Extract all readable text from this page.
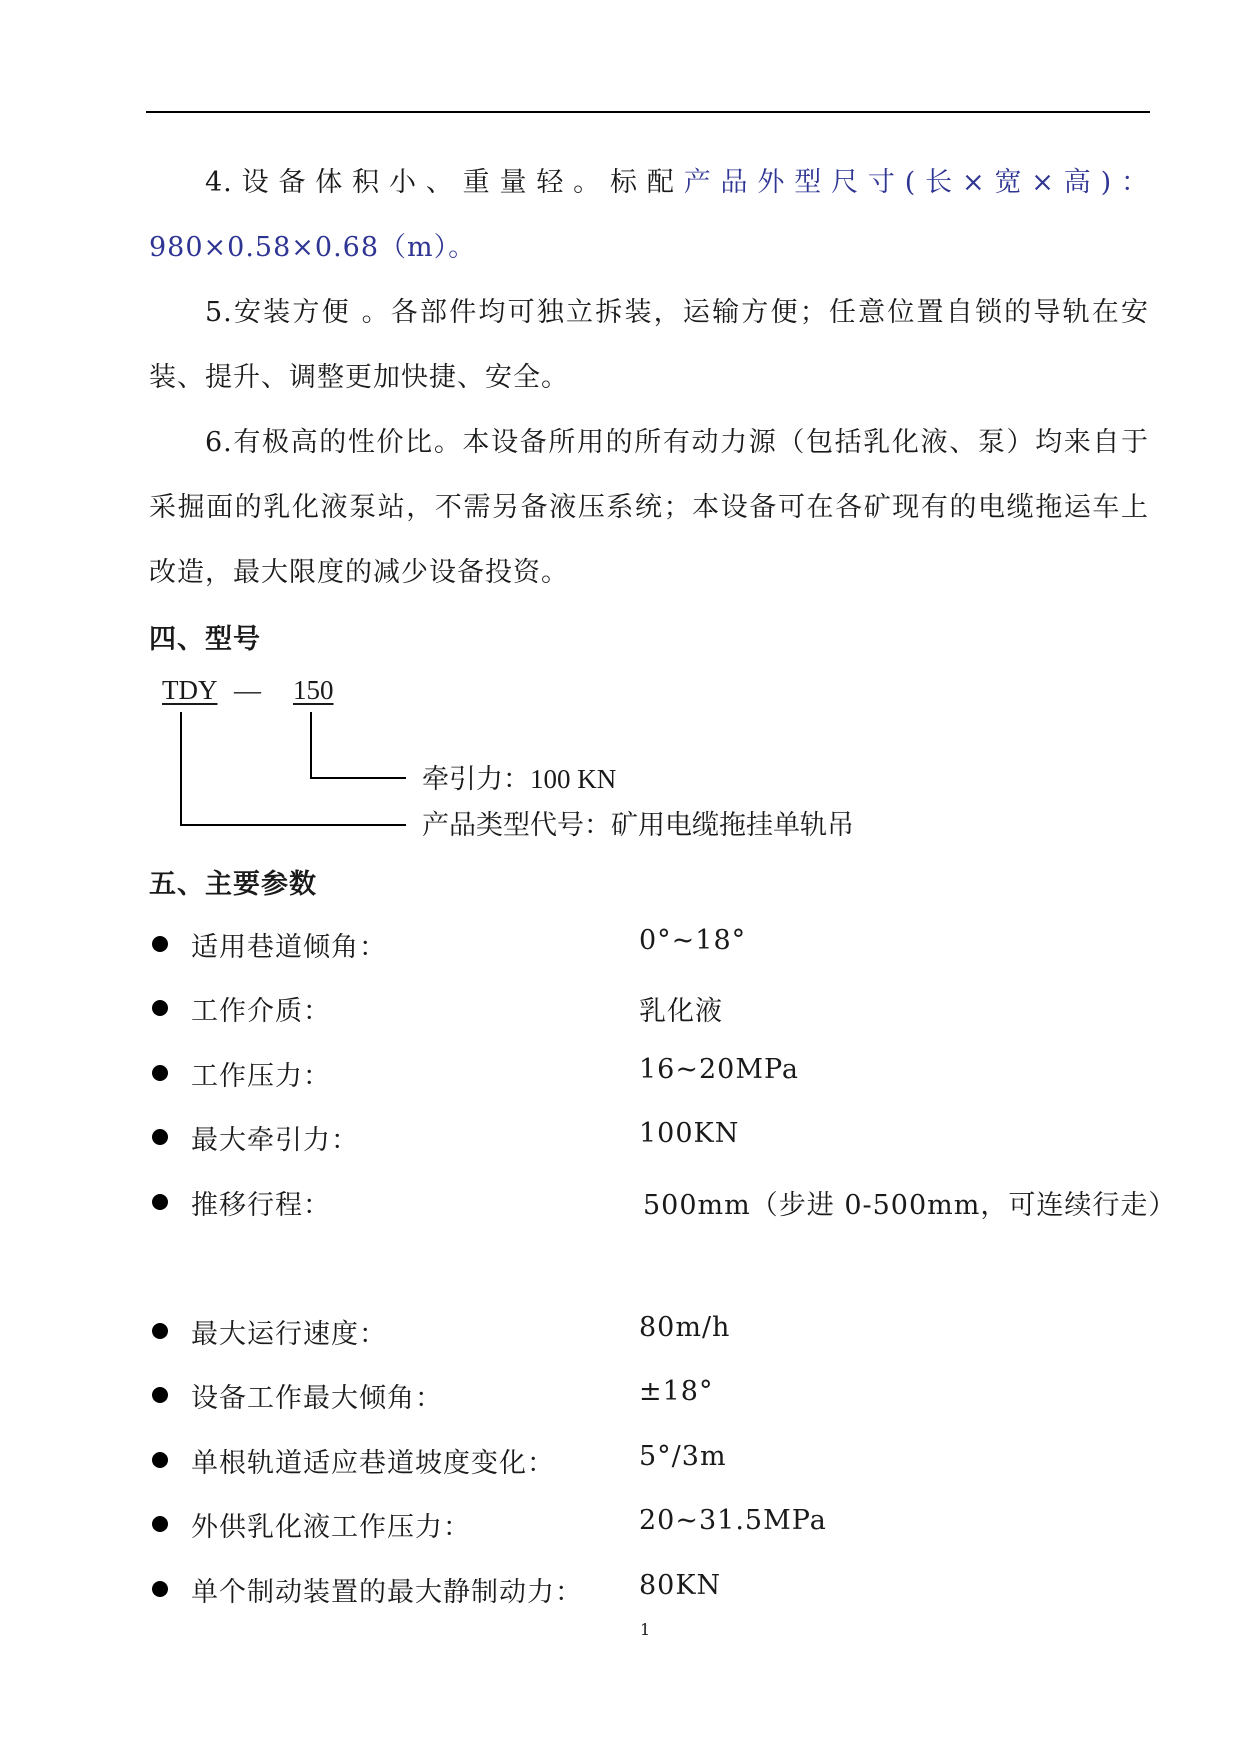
4.设备体积小、重量轻。标配产品外型尺寸(长×宽×高)： 980×0.58×0.68（m）。

5.安装方便 。各部件均可独立拆装，运输方便；任意位置自锁的导轨在安装、提升、调整更加快捷、安全。

6.有极高的性价比。本设备所用的所有动力源（包括乳化液、泵）均来自于采掘面的乳化液泵站，不需另备液压系统；本设备可在各矿现有的电缆拖运车上改造，最大限度的减少设备投资。

四、型号
TDY — 150
牵引力：100 KN
产品类型代号：矿用电缆拖挂单轨吊
五、主要参数
适用巷道倾角：	0°~18°
工作介质：	乳化液
工作压力：	16~20MPa
最大牵引力：	100KN
推移行程：	500mm（步进 0-500mm，可连续行走）
最大运行速度：	80m/h
设备工作最大倾角：	±18°
单根轨道适应巷道坡度变化：	5°/3m
外供乳化液工作压力：	20~31.5MPa
单个制动装置的最大静制动力： 80KN
1
